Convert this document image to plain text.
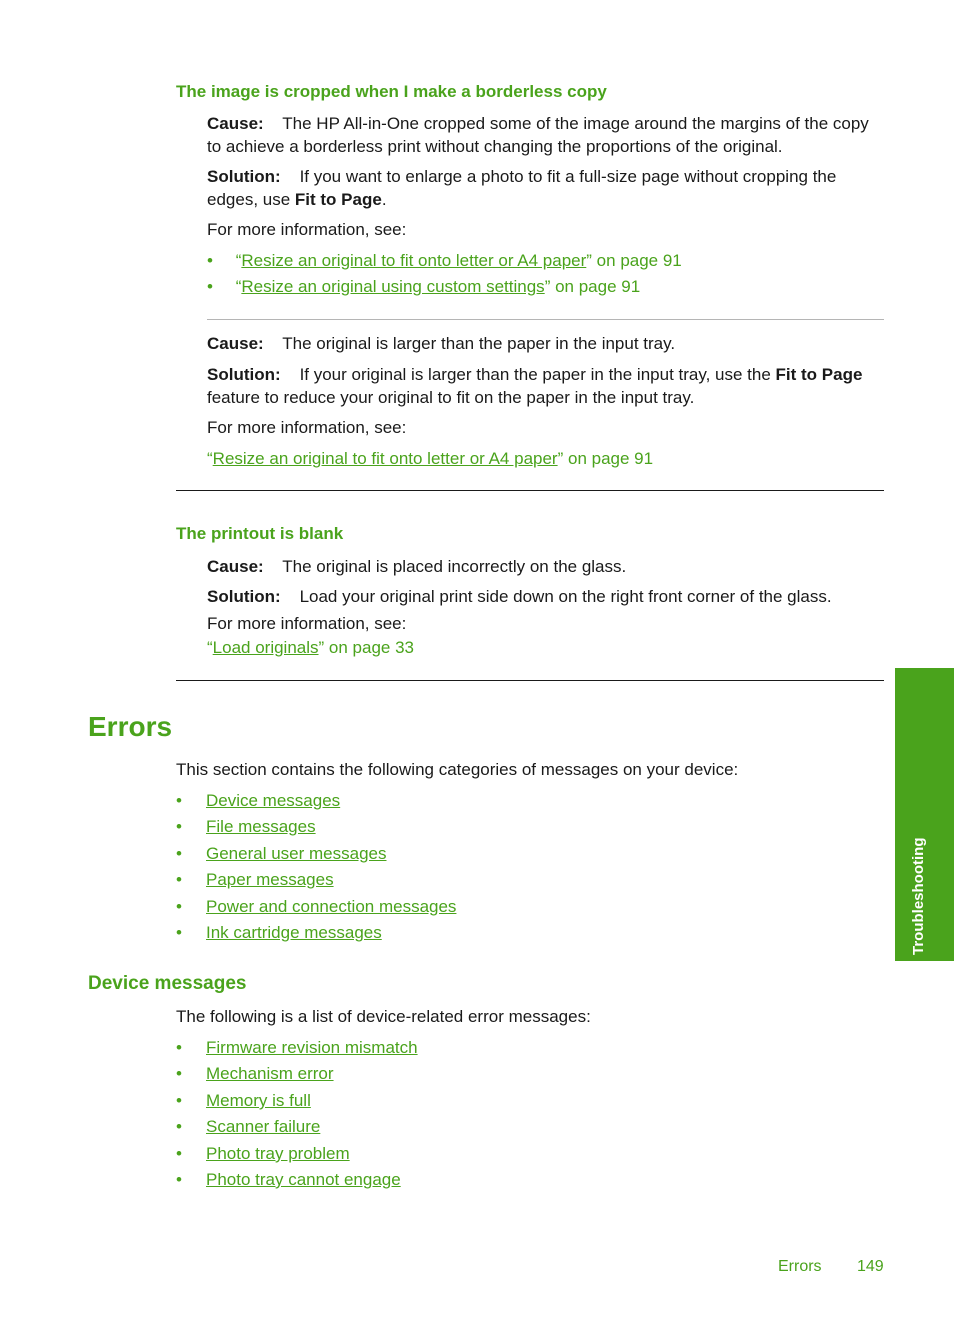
The image is cropped when I make a borderless copy
Cause: The HP All-in-One cropped some of the image around the margins of the copy to achieve a borderless print without changing the proportions of the original.
Solution: If you want to enlarge a photo to fit a full-size page without cropping the edges, use Fit to Page.
For more information, see:
• “Resize an original to fit onto letter or A4 paper” on page 91
• “Resize an original using custom settings” on page 91
Cause: The original is larger than the paper in the input tray.
Solution: If your original is larger than the paper in the input tray, use the Fit to Page feature to reduce your original to fit on the paper in the input tray.
For more information, see:
“Resize an original to fit onto letter or A4 paper” on page 91
The printout is blank
Cause: The original is placed incorrectly on the glass.
Solution: Load your original print side down on the right front corner of the glass.
For more information, see:
“Load originals” on page 33
Errors
This section contains the following categories of messages on your device:
• Device messages
• File messages
• General user messages
• Paper messages
• Power and connection messages
• Ink cartridge messages
Device messages
The following is a list of device-related error messages:
• Firmware revision mismatch
• Mechanism error
• Memory is full
• Scanner failure
• Photo tray problem
• Photo tray cannot engage
Troubleshooting
Errors 149
